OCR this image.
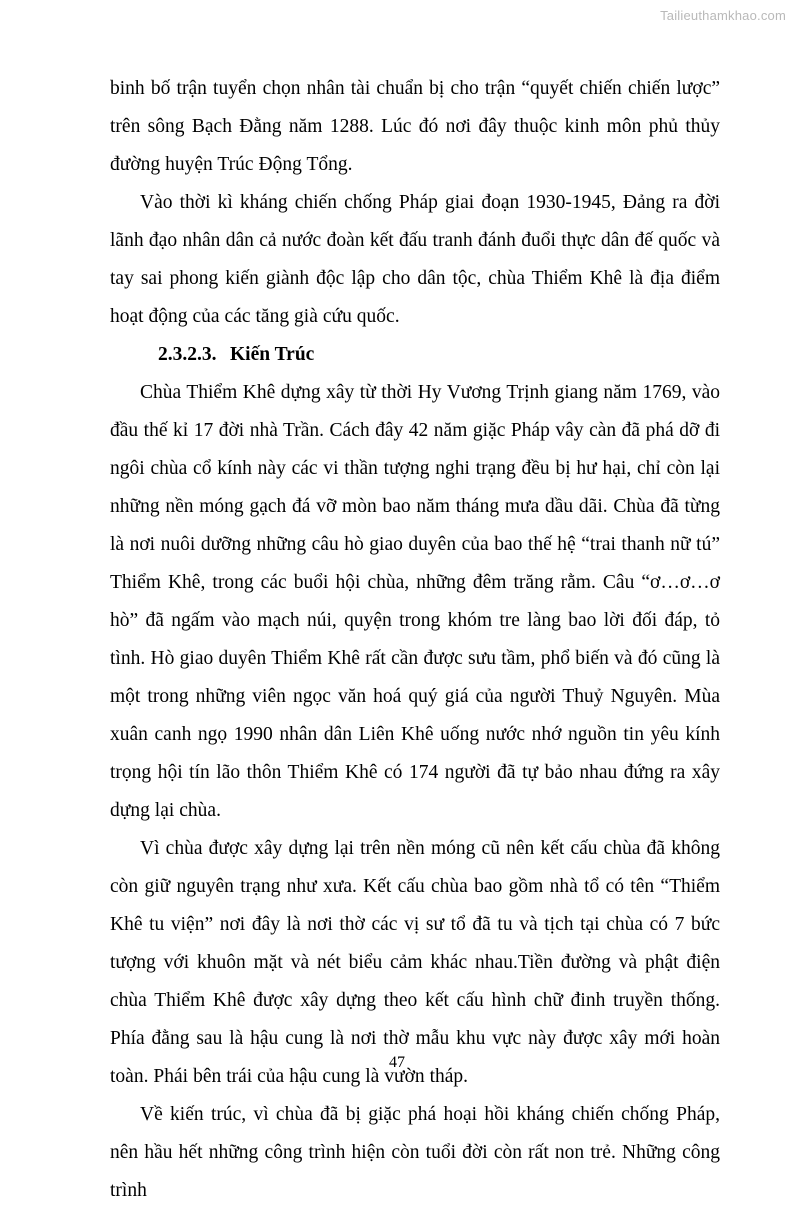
Tailieuthamkhao.com

binh bố trận tuyển chọn nhân tài chuẩn bị cho trận “quyết chiến chiến lược” trên sông Bạch Đằng năm 1288. Lúc đó nơi đây thuộc kinh môn phủ thủy đường huyện Trúc Động Tổng.

Vào thời kì kháng chiến chống Pháp giai đoạn 1930-1945, Đảng ra đời lãnh đạo nhân dân cả nước đoàn kết đấu tranh đánh đuổi thực dân đế quốc và tay sai phong kiến giành độc lập cho dân tộc, chùa Thiểm Khê là địa điểm hoạt động của các tăng già cứu quốc.

2.3.2.3. Kiến Trúc

Chùa Thiểm Khê dựng xây từ thời Hy Vương Trịnh giang năm 1769, vào đầu thế kỉ 17 đời nhà Trần. Cách đây 42 năm giặc Pháp vây càn đã phá dỡ đi ngôi chùa cổ kính này các vi thần tượng nghi trạng đều bị hư hại, chỉ còn lại những nền móng gạch đá vỡ mòn bao năm tháng mưa dầu dãi. Chùa đã từng là nơi nuôi dưỡng những câu hò giao duyên của bao thế hệ “trai thanh nữ tú” Thiểm Khê, trong các buổi hội chùa, những đêm trăng rằm. Câu “ơ…ơ…ơ hò” đã ngấm vào mạch núi, quyện trong khóm tre làng bao lời đối đáp, tỏ tình. Hò giao duyên Thiểm Khê rất cần được sưu tầm, phổ biến và đó cũng là một trong những viên ngọc văn hoá quý giá của người Thuỷ Nguyên. Mùa xuân canh ngọ 1990 nhân dân Liên Khê uống nước nhớ nguồn tin yêu kính trọng hội tín lão thôn Thiểm Khê có 174 người đã tự bảo nhau đứng ra xây dựng lại chùa.

Vì chùa được xây dựng lại trên nền móng cũ nên kết cấu chùa đã không còn giữ nguyên trạng như xưa. Kết cấu chùa bao gồm nhà tổ có tên “Thiểm Khê tu viện” nơi đây là nơi thờ các vị sư tổ đã tu và tịch tại chùa có 7 bức tượng với khuôn mặt và nét biểu cảm khác nhau.Tiền đường và phật điện chùa Thiểm Khê được xây dựng theo kết cấu hình chữ đinh truyền thống. Phía đằng sau là hậu cung là nơi thờ mẫu khu vực này được xây mới hoàn toàn. Phái bên trái của hậu cung là vườn tháp.

Về kiến trúc, vì chùa đã bị giặc phá hoại hồi kháng chiến chống Pháp, nên hầu hết những công trình hiện còn tuổi đời còn rất non trẻ. Những công trình

47
